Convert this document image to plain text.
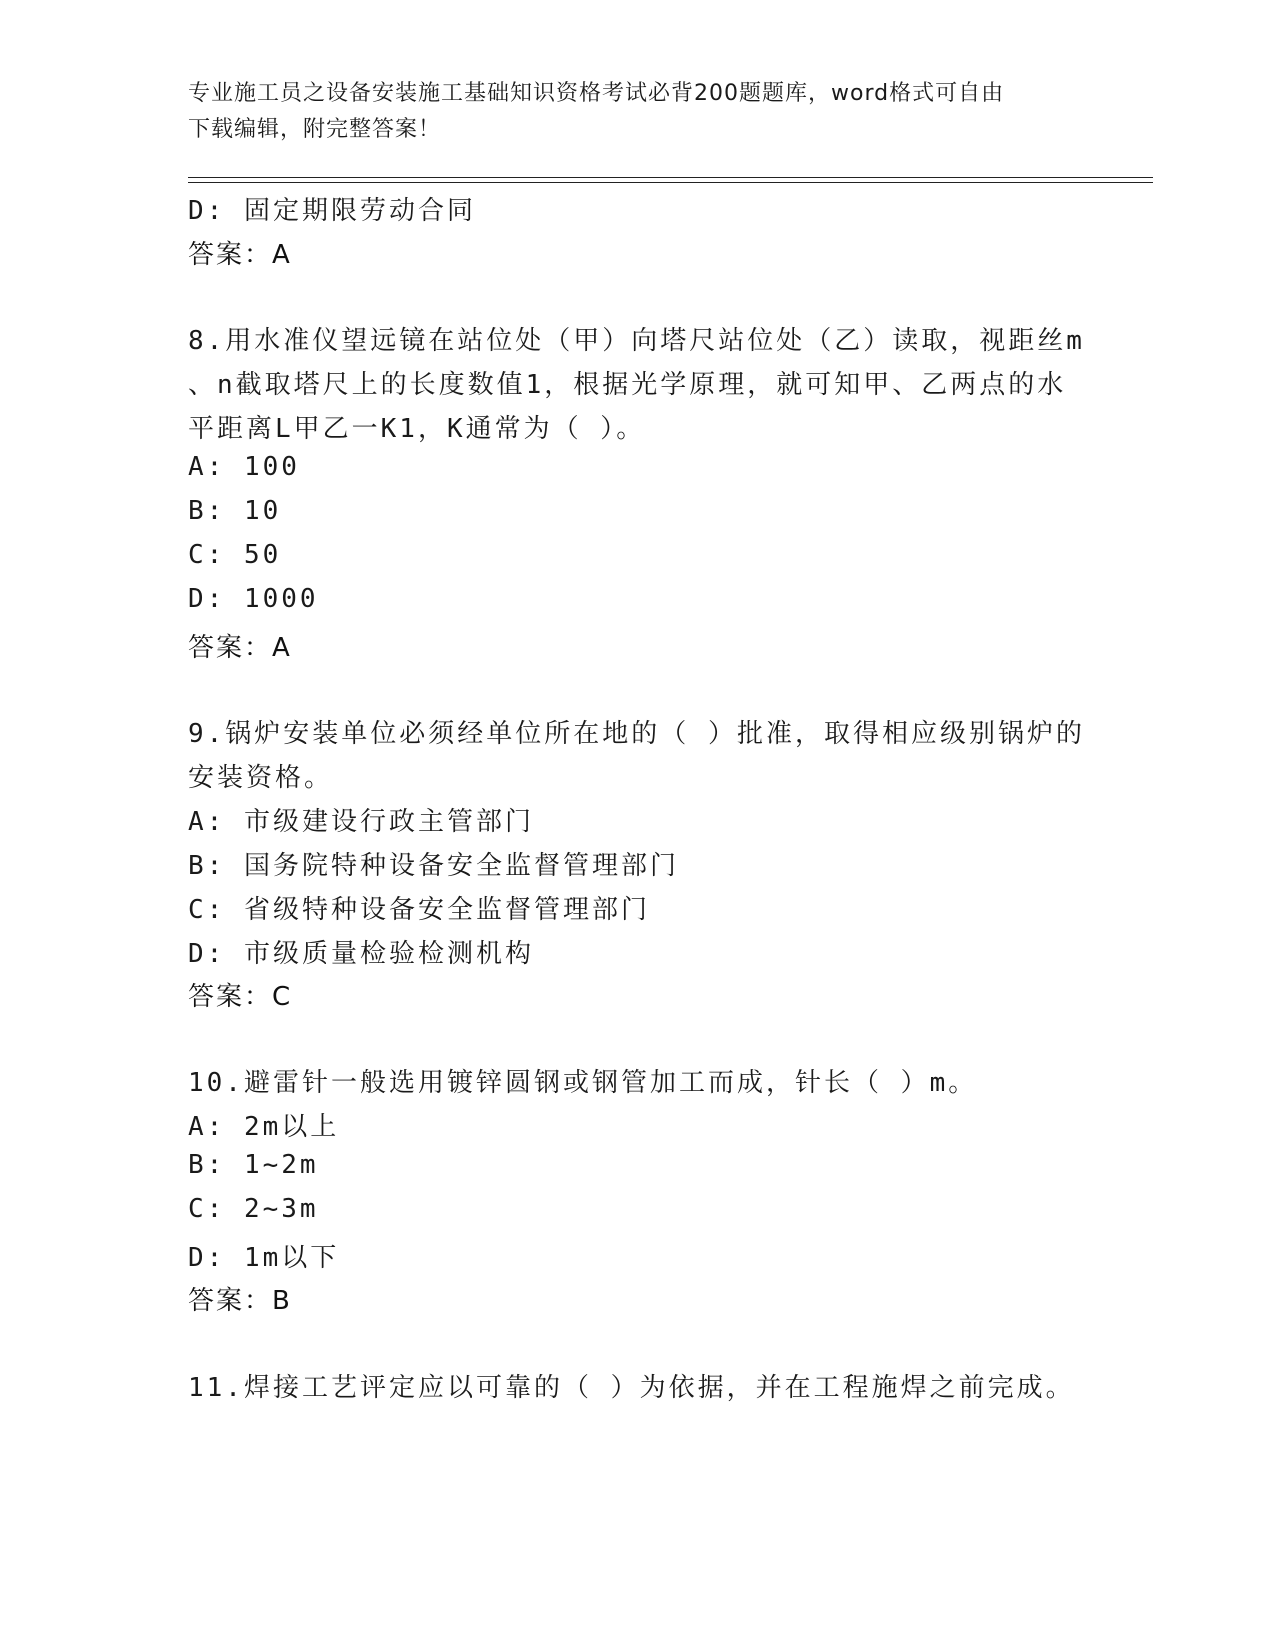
专业施工员之设备安装施工基础知识资格考试必背200题题库，word格式可自由
下载编辑，附完整答案！
D: 固定期限劳动合同
答案：A
8.用水准仪望远镜在站位处（甲）向塔尺站位处（乙）读取，视距丝m
、n截取塔尺上的长度数值1，根据光学原理，就可知甲、乙两点的水
平距离L甲乙一K1，K通常为（ ）。
A: 100
B: 10
C: 50
D: 1000
答案：A
9.锅炉安装单位必须经单位所在地的（ ）批准，取得相应级别锅炉的
安装资格。
A: 市级建设行政主管部门
B: 国务院特种设备安全监督管理部门
C: 省级特种设备安全监督管理部门
D: 市级质量检验检测机构
答案：C
10.避雷针一般选用镀锌圆钢或钢管加工而成，针长（ ）m。
A: 2m以上
B: 1~2m
C: 2~3m
D: 1m以下
答案：B
11.焊接工艺评定应以可靠的（ ）为依据，并在工程施焊之前完成。
